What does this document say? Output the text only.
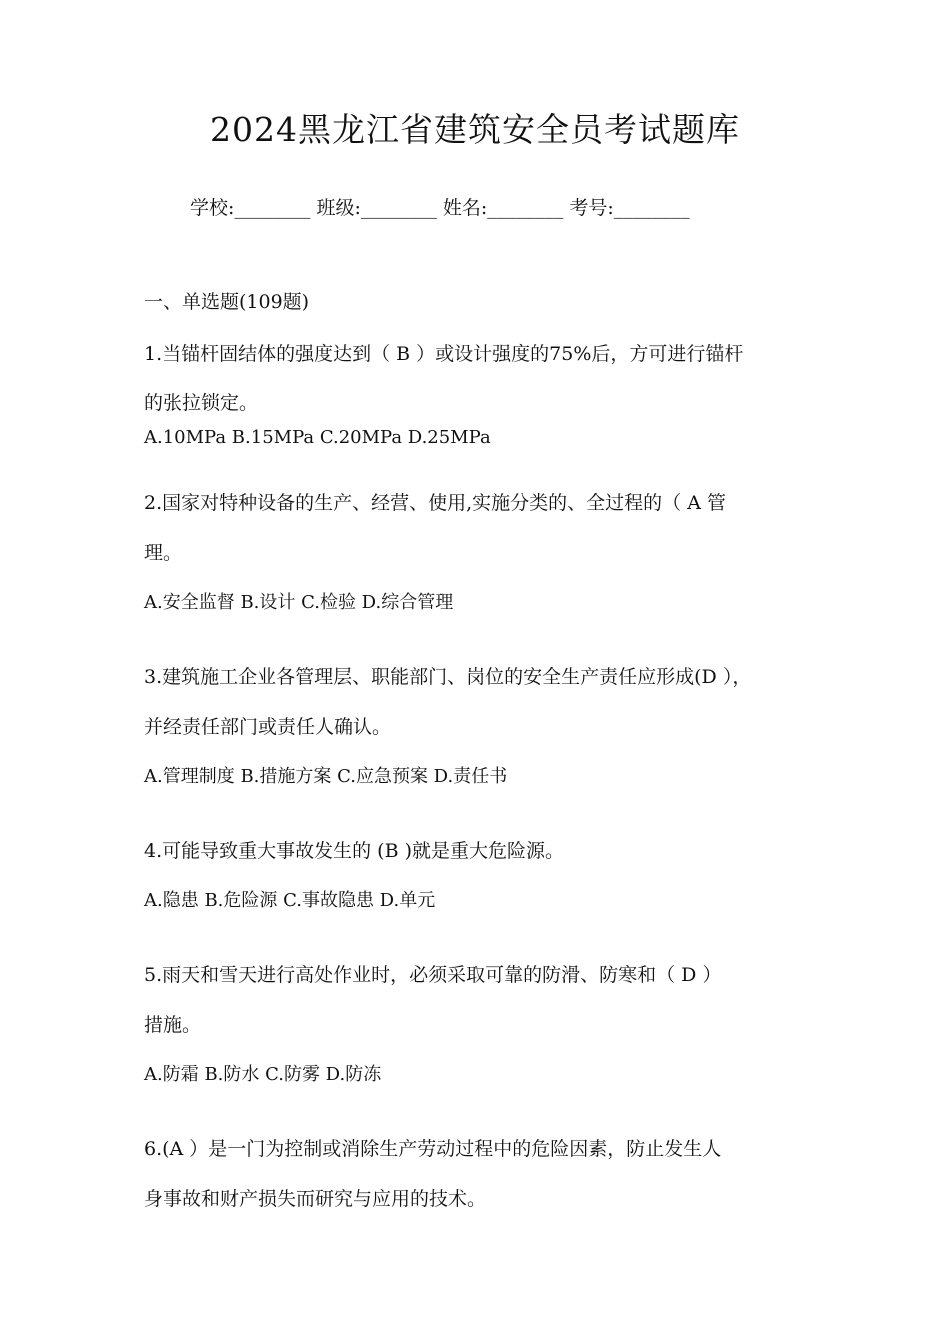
2024黑龙江省建筑安全员考试题库
学校:________ 班级:________ 姓名:________ 考号:________
一、单选题(109题)
1.当锚杆固结体的强度达到（ B ）或设计强度的75%后，方可进行锚杆
的张拉锁定。
A.10MPa B.15MPa C.20MPa D.25MPa
2.国家对特种设备的生产、经营、使用,实施分类的、全过程的（ A 管
理。
A.安全监督 B.设计 C.检验 D.综合管理
3.建筑施工企业各管理层、职能部门、岗位的安全生产责任应形成(D ），
并经责任部门或责任人确认。
A.管理制度 B.措施方案 C.应急预案 D.责任书
4.可能导致重大事故发生的 (B )就是重大危险源。
A.隐患 B.危险源 C.事故隐患 D.单元
5.雨天和雪天进行高处作业时，必须采取可靠的防滑、防寒和（ D ）
措施。
A.防霜 B.防水 C.防雾 D.防冻
6.(A ）是一门为控制或消除生产劳动过程中的危险因素，防止发生人
身事故和财产损失而研究与应用的技术。
